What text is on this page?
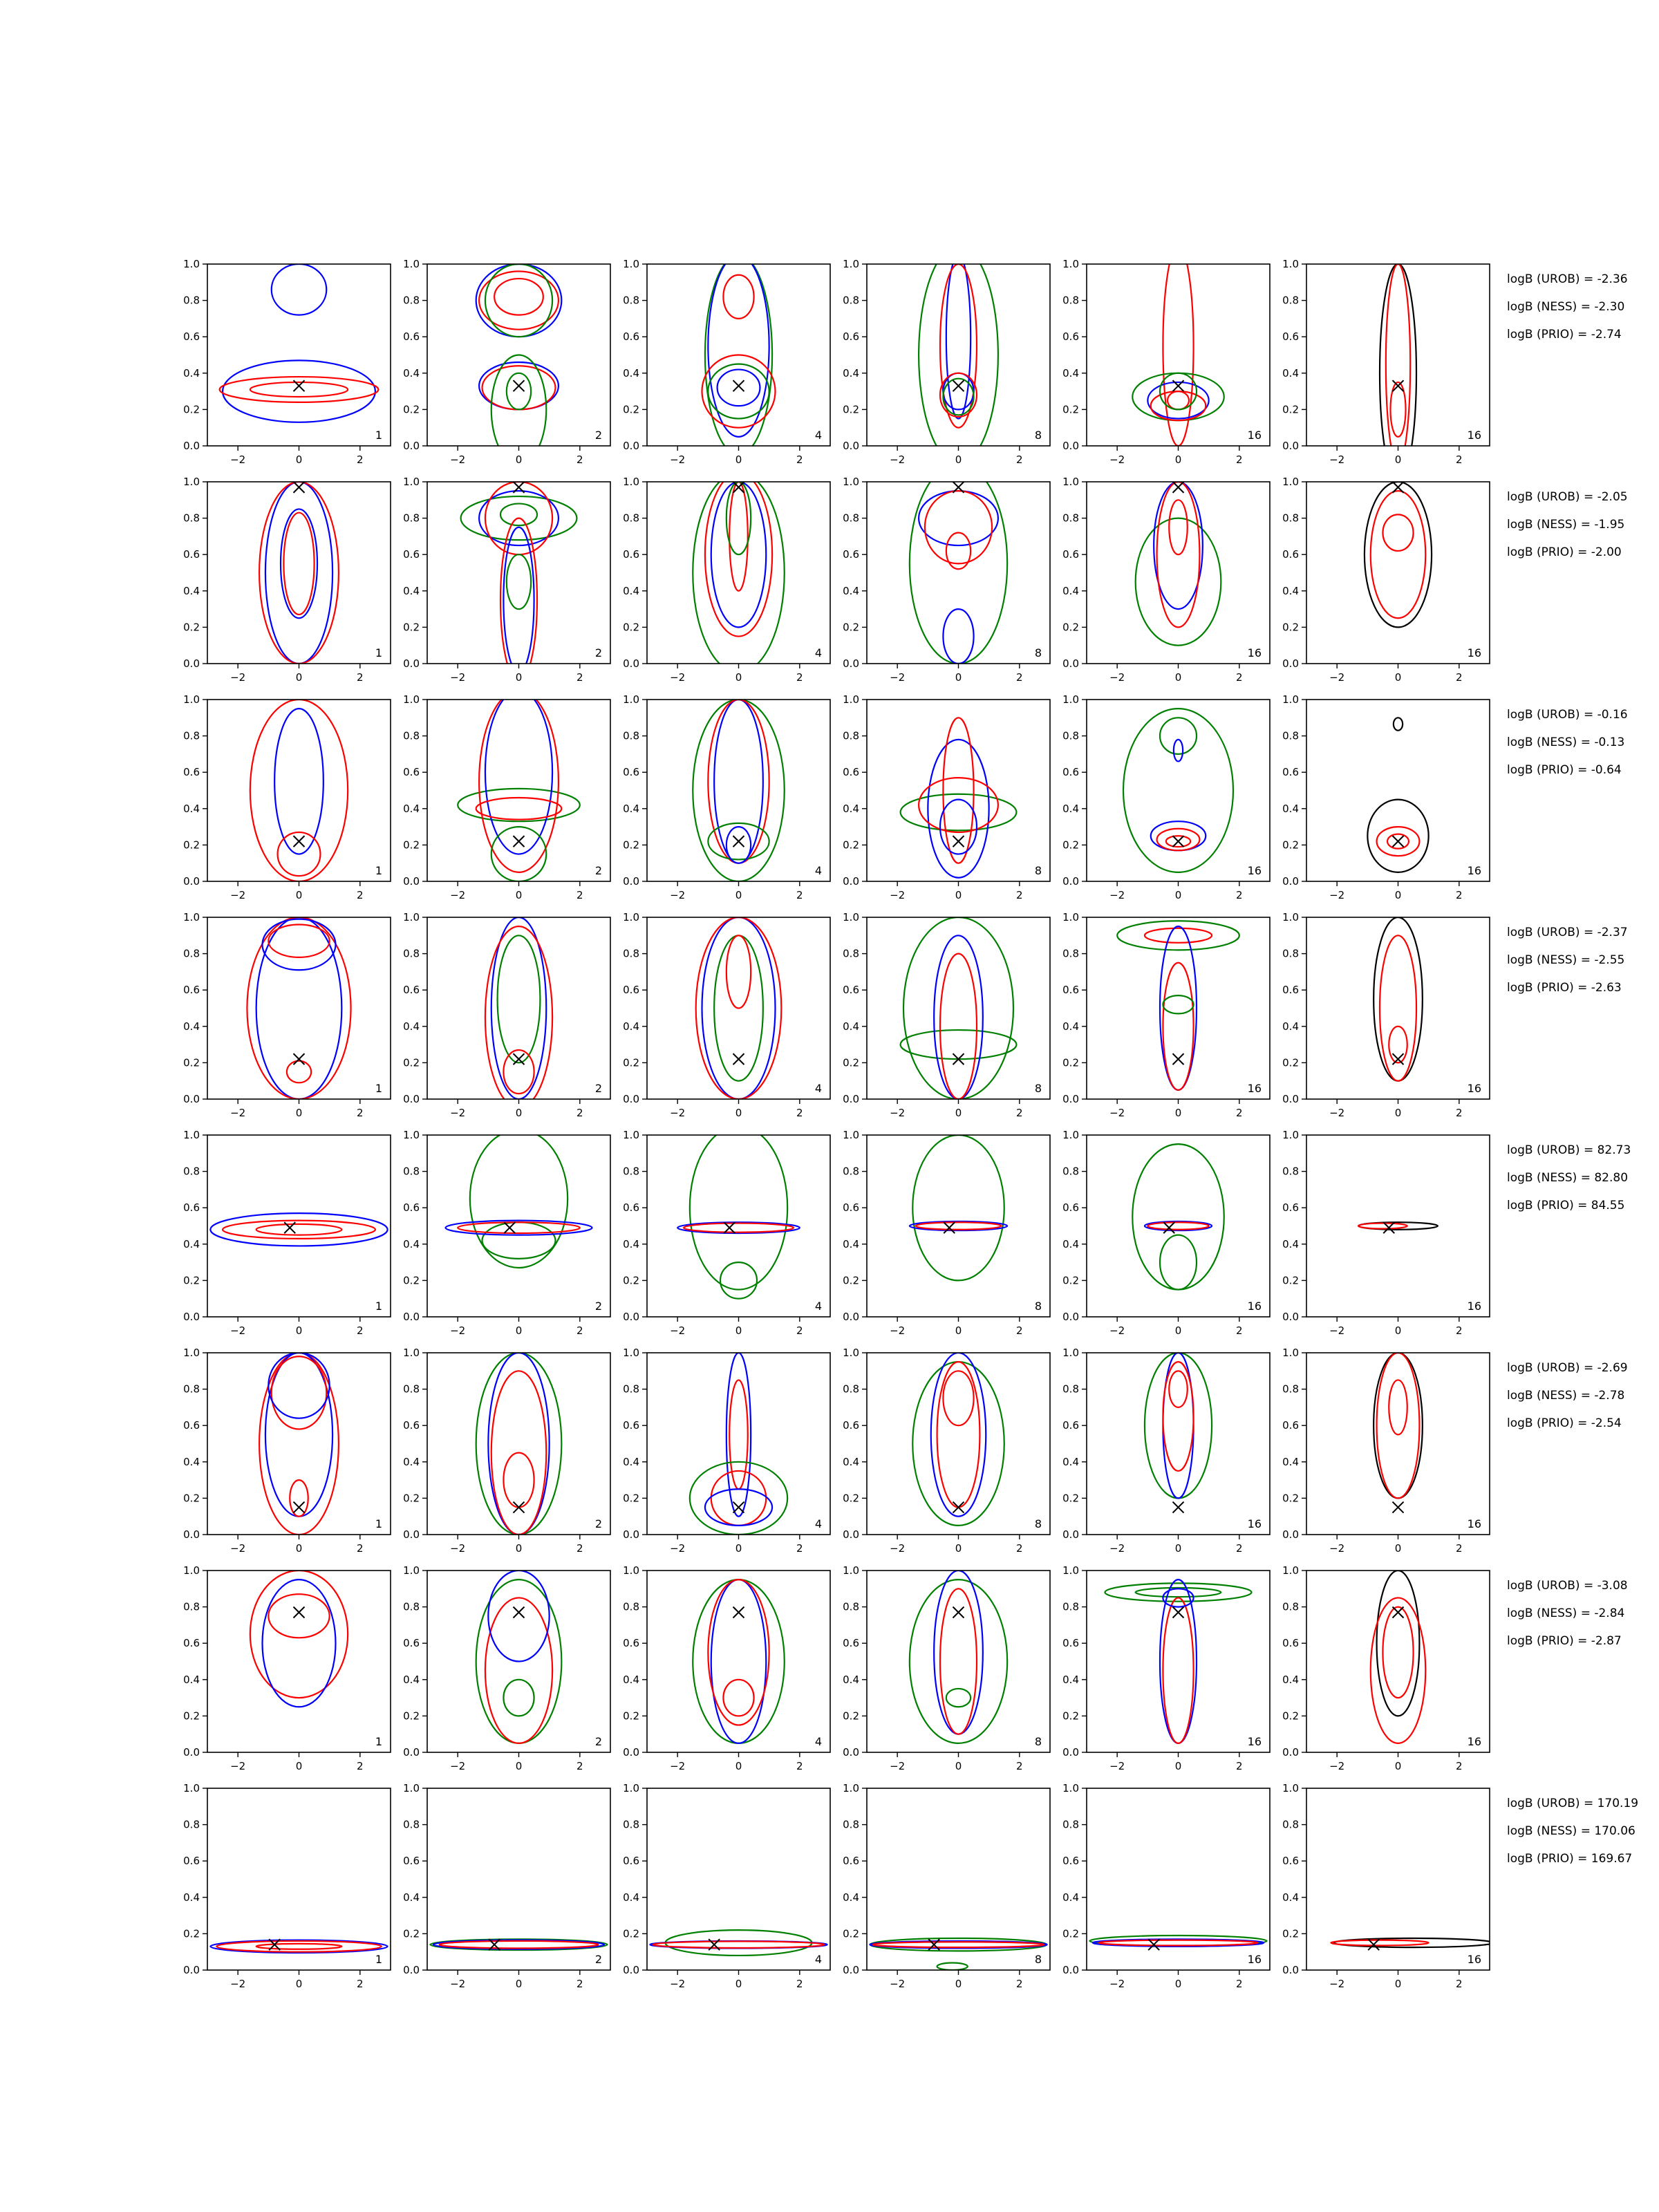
−2	0	2
0.0
0.2
0.4
0.6
0.8
1.0
1
−2	0	2
0.0
0.2
0.4
0.6
0.8
1.0
2
−2	0	2
0.0
0.2
0.4
0.6
0.8
1.0
4
−2	0	2
0.0
0.2
0.4
0.6
0.8
1.0
8
−2	0	2
0.0
0.2
0.4
0.6
0.8
1.0
16
−2	0	2
0.0
0.2
0.4
0.6
0.8
1.0
16
logB (UROB) = -2.36
logB (NESS) = -2.30
logB (PRIO) = -2.74
−2	0	2
0.0
0.2
0.4
0.6
0.8
1.0
1
−2	0	2
0.0
0.2
0.4
0.6
0.8
1.0
2
−2	0	2
0.0
0.2
0.4
0.6
0.8
1.0
4
−2	0	2
0.0
0.2
0.4
0.6
0.8
1.0
8
−2	0	2
0.0
0.2
0.4
0.6
0.8
1.0
16
−2	0	2
0.0
0.2
0.4
0.6
0.8
1.0
16
logB (UROB) = -2.05
logB (NESS) = -1.95
logB (PRIO) = -2.00
−2	0	2
0.0
0.2
0.4
0.6
0.8
1.0
1
−2	0	2
0.0
0.2
0.4
0.6
0.8
1.0
2
−2	0	2
0.0
0.2
0.4
0.6
0.8
1.0
4
−2	0	2
0.0
0.2
0.4
0.6
0.8
1.0
8
−2	0	2
0.0
0.2
0.4
0.6
0.8
1.0
16
−2	0	2
0.0
0.2
0.4
0.6
0.8
1.0
16
logB (UROB) = -0.16
logB (NESS) = -0.13
logB (PRIO) = -0.64
−2	0	2
0.0
0.2
0.4
0.6
0.8
1.0
1
−2	0	2
0.0
0.2
0.4
0.6
0.8
1.0
2
−2	0	2
0.0
0.2
0.4
0.6
0.8
1.0
4
−2	0	2
0.0
0.2
0.4
0.6
0.8
1.0
8
−2	0	2
0.0
0.2
0.4
0.6
0.8
1.0
16
−2	0	2
0.0
0.2
0.4
0.6
0.8
1.0
16
logB (UROB) = -2.37
logB (NESS) = -2.55
logB (PRIO) = -2.63
−2	0	2
0.0
0.2
0.4
0.6
0.8
1.0
1
−2	0	2
0.0
0.2
0.4
0.6
0.8
1.0
2
−2	0	2
0.0
0.2
0.4
0.6
0.8
1.0
4
−2	0	2
0.0
0.2
0.4
0.6
0.8
1.0
8
−2	0	2
0.0
0.2
0.4
0.6
0.8
1.0
16
−2	0	2
0.0
0.2
0.4
0.6
0.8
1.0
16
logB (UROB) = 82.73
logB (NESS) = 82.80
logB (PRIO) = 84.55
−2	0	2
0.0
0.2
0.4
0.6
0.8
1.0
1
−2	0	2
0.0
0.2
0.4
0.6
0.8
1.0
2
−2	0	2
0.0
0.2
0.4
0.6
0.8
1.0
4
−2	0	2
0.0
0.2
0.4
0.6
0.8
1.0
8
−2	0	2
0.0
0.2
0.4
0.6
0.8
1.0
16
−2	0	2
0.0
0.2
0.4
0.6
0.8
1.0
16
logB (UROB) = -2.69
logB (NESS) = -2.78
logB (PRIO) = -2.54
−2	0	2
0.0
0.2
0.4
0.6
0.8
1.0
1
−2	0	2
0.0
0.2
0.4
0.6
0.8
1.0
2
−2	0	2
0.0
0.2
0.4
0.6
0.8
1.0
4
−2	0	2
0.0
0.2
0.4
0.6
0.8
1.0
8
−2	0	2
0.0
0.2
0.4
0.6
0.8
1.0
16
−2	0	2
0.0
0.2
0.4
0.6
0.8
1.0
16
logB (UROB) = -3.08
logB (NESS) = -2.84
logB (PRIO) = -2.87
−2	0	2
0.0
0.2
0.4
0.6
0.8
1.0
1
−2	0	2
0.0
0.2
0.4
0.6
0.8
1.0
2
−2	0	2
0.0
0.2
0.4
0.6
0.8
1.0
4
−2	0	2
0.0
0.2
0.4
0.6
0.8
1.0
8
−2	0	2
0.0
0.2
0.4
0.6
0.8
1.0
16
−2	0	2
0.0
0.2
0.4
0.6
0.8
1.0
16
logB (UROB) = 170.19
logB (NESS) = 170.06
logB (PRIO) = 169.67
